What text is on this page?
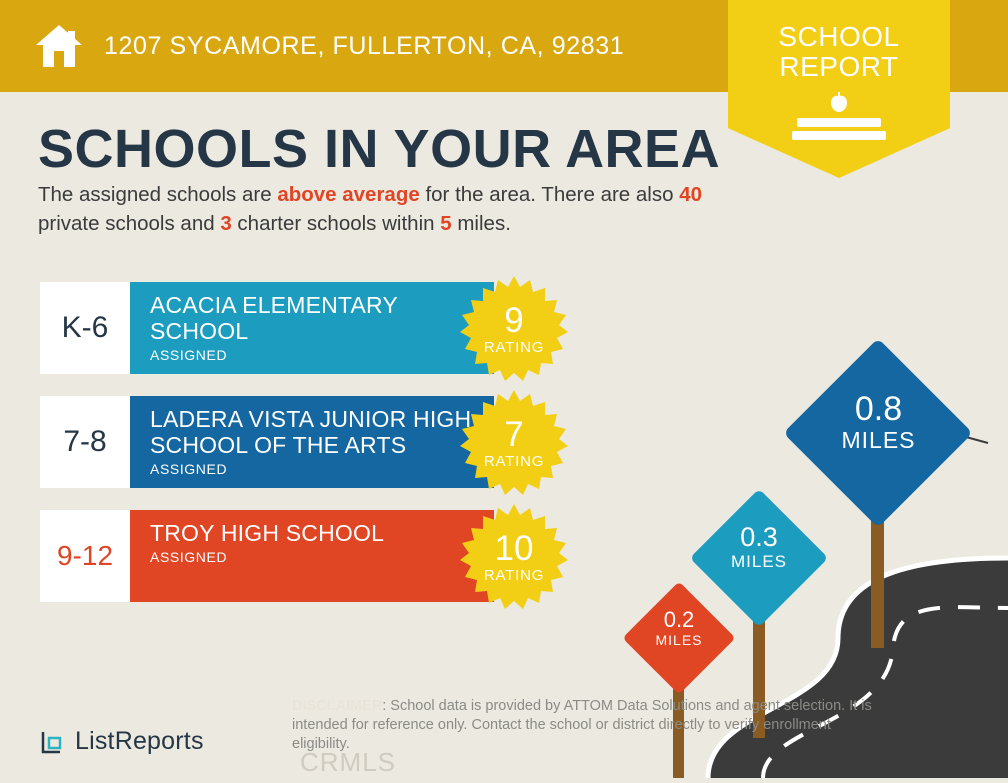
1207 SYCAMORE, FULLERTON, CA, 92831	SCHOOL
REPORT
0.8
MILES
0.3
MILES
0.2
MILES
SCHOOLS IN YOUR AREA
The assigned schools are above average for the area. There are also 40 private schools and 3 charter schools within 5 miles.
K-6
ACACIA ELEMENTARY SCHOOL
ASSIGNED
9
RATING
7-8
LADERA VISTA JUNIOR HIGH SCHOOL OF THE ARTS
ASSIGNED
7
RATING
9-12
TROY HIGH SCHOOL
ASSIGNED	10
RATING
ListReports
DISCLAIMER: School data is provided by ATTOM Data Solutions and agent selection. It is intended for reference only. Contact the school or district directly to verify enrollment eligibility.
CRMLS
